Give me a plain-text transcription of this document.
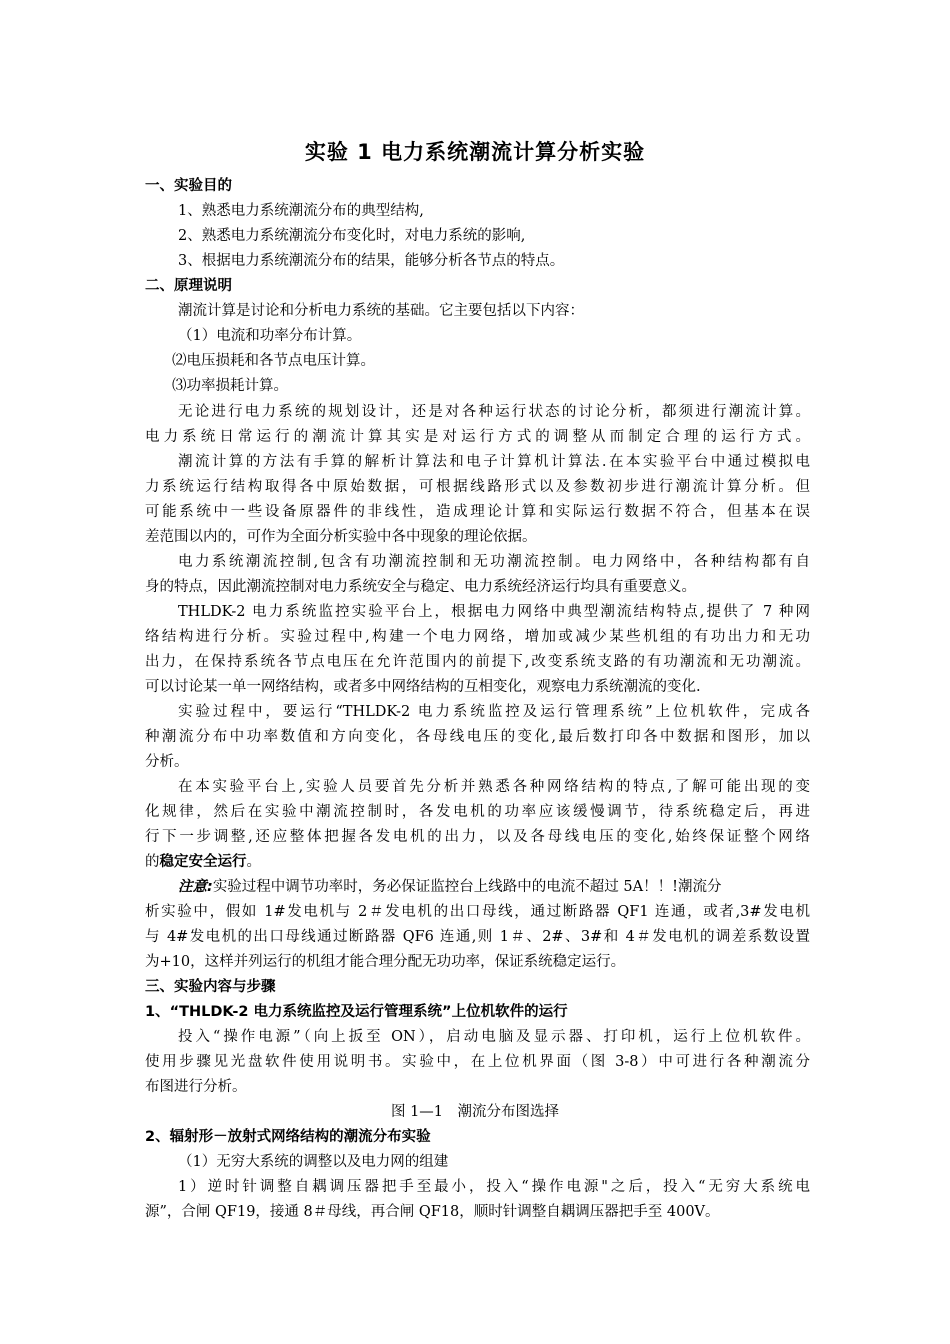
实验 1 电力系统潮流计算分析实验
一、实验目的
1、熟悉电力系统潮流分布的典型结构,
2、熟悉电力系统潮流分布变化时，对电力系统的影响,
3、根据电力系统潮流分布的结果，能够分析各节点的特点。
二、原理说明
潮流计算是讨论和分析电力系统的基础。它主要包括以下内容：
（1）电流和功率分布计算。
⑵电压损耗和各节点电压计算。
⑶功率损耗计算。
无论进行电力系统的规划设计，还是对各种运行状态的讨论分析，都须进行潮流计算。
电力系统日常运行的潮流计算其实是对运行方式的调整从而制定合理的运行方式。
潮流计算的方法有手算的解析计算法和电子计算机计算法.在本实验平台中通过模拟电
力系统运行结构取得各中原始数据，可根据线路形式以及参数初步进行潮流计算分析。但
可能系统中一些设备原器件的非线性，造成理论计算和实际运行数据不符合，但基本在误
差范围以内的，可作为全面分析实验中各中现象的理论依据。
电力系统潮流控制,包含有功潮流控制和无功潮流控制。电力网络中，各种结构都有自
身的特点，因此潮流控制对电力系统安全与稳定、电力系统经济运行均具有重要意义。
THLDK-2 电力系统监控实验平台上，根据电力网络中典型潮流结构特点,提供了 7 种网
络结构进行分析。实验过程中,构建一个电力网络，增加或减少某些机组的有功出力和无功
出力，在保持系统各节点电压在允许范围内的前提下,改变系统支路的有功潮流和无功潮流。
可以讨论某一单一网络结构，或者多中网络结构的互相变化，观察电力系统潮流的变化.
实验过程中，要运行“THLDK-2 电力系统监控及运行管理系统”上位机软件，完成各
种潮流分布中功率数值和方向变化，各母线电压的变化,最后数打印各中数据和图形，加以
分析。
在本实验平台上,实验人员要首先分析并熟悉各种网络结构的特点,了解可能出现的变
化规律，然后在实验中潮流控制时，各发电机的功率应该缓慢调节，待系统稳定后，再进
行下一步调整,还应整体把握各发电机的出力，以及各母线电压的变化,始终保证整个网络
的稳定安全运行。
注意:实验过程中调节功率时，务必保证监控台上线路中的电流不超过 5A！！!潮流分
析实验中，假如 1#发电机与 2＃发电机的出口母线，通过断路器 QF1 连通，或者,3#发电机
与 4#发电机的出口母线通过断路器 QF6 连通,则 1＃、2#、3#和 4＃发电机的调差系数设置
为+10，这样并列运行的机组才能合理分配无功功率，保证系统稳定运行。
三、实验内容与步骤
1、“THLDK-2 电力系统监控及运行管理系统”上位机软件的运行
投入“操作电源”（向上扳至 ON），启动电脑及显示器、打印机，运行上位机软件。
使用步骤见光盘软件使用说明书。实验中，在上位机界面（图 3-8）中可进行各种潮流分
布图进行分析。
图 1—1　潮流分布图选择
2、辐射形－放射式网络结构的潮流分布实验
（1）无穷大系统的调整以及电力网的组建
1）逆时针调整自耦调压器把手至最小，投入“操作电源"之后，投入“无穷大系统电
源”，合闸 QF19，接通 8＃母线，再合闸 QF18，顺时针调整自耦调压器把手至 400V。
